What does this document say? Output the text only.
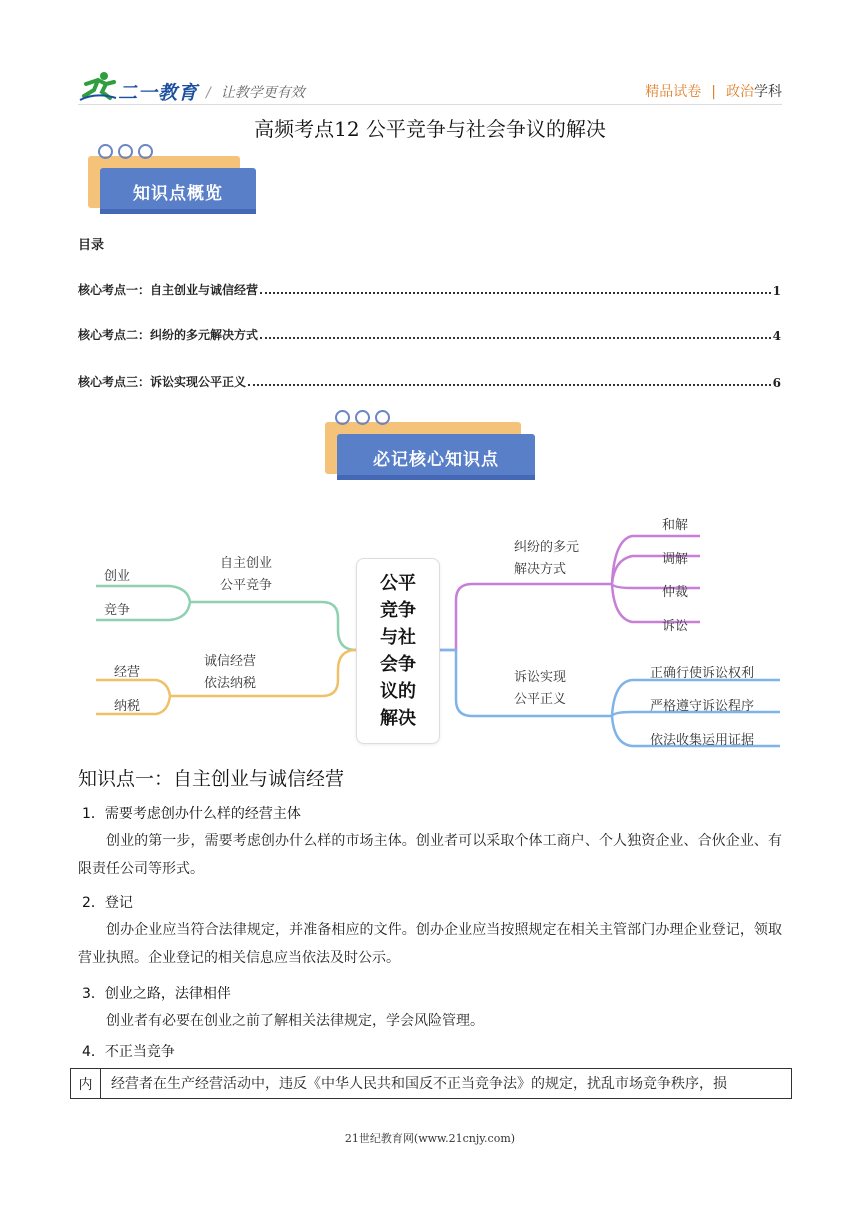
二一教育 / 让教学更有效	精品试卷 | 政治学科
高频考点12 公平竞争与社会争议的解决
知识点概览
目录
核心考点一：自主创业与诚信经营	1
核心考点二：纠纷的多元解决方式	4
核心考点三：诉讼实现公平正义	6
必记核心知识点
公平竞争与社会争议的解决
自主创业
公平竞争
创业
竞争
诚信经营
依法纳税
经营
纳税
纠纷的多元
解决方式
和解
调解
仲裁
诉讼
诉讼实现
公平正义
正确行使诉讼权利
严格遵守诉讼程序
依法收集运用证据
知识点一：自主创业与诚信经营
1．需要考虑创办什么样的经营主体
创业的第一步，需要考虑创办什么样的市场主体。创业者可以采取个体工商户、个人独资企业、合伙企业、有限责任公司等形式。
2．登记
创办企业应当符合法律规定，并准备相应的文件。创办企业应当按照规定在相关主管部门办理企业登记，领取营业执照。企业登记的相关信息应当依法及时公示。
3．创业之路，法律相伴
创业者有必要在创业之前了解相关法律规定，学会风险管理。
4．不正当竞争
内	经营者在生产经营活动中，违反《中华人民共和国反不正当竞争法》的规定，扰乱市场竞争秩序，损
21世纪教育网(www.21cnjy.com)
